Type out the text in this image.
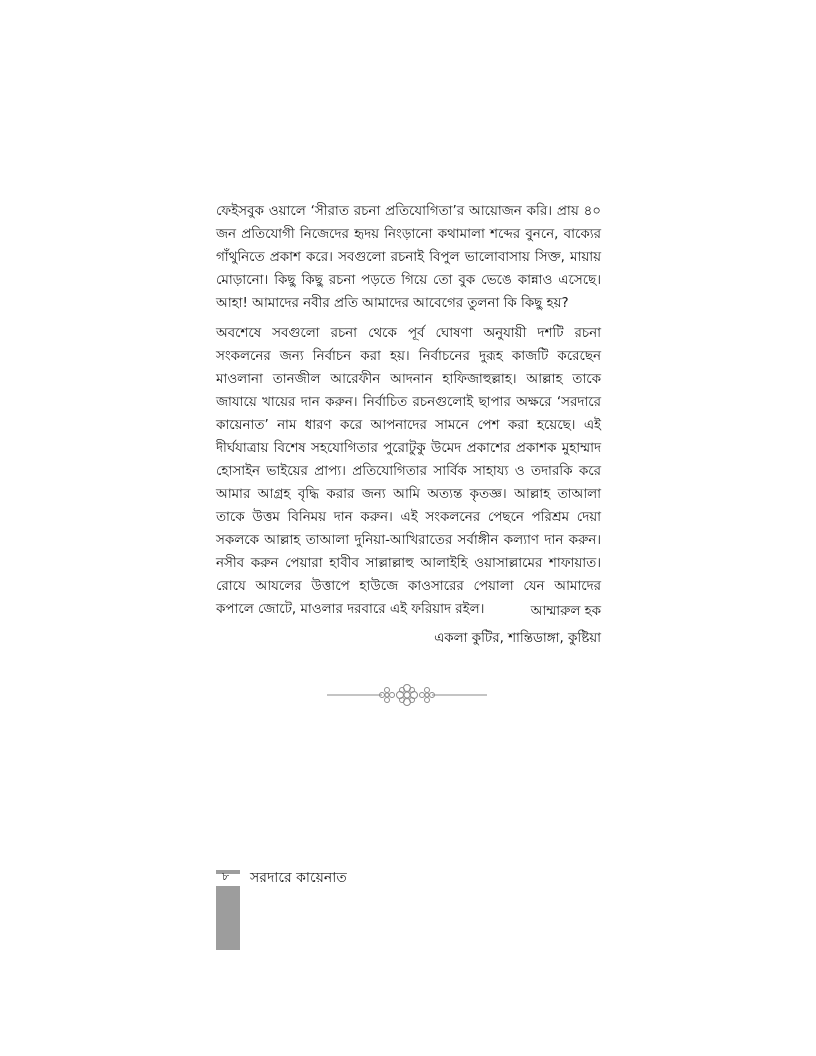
ফেইসবুক ওয়ালে ‘সীরাত রচনা প্রতিযোগিতা’র আয়োজন করি। প্রায় ৪০ জন প্রতিযোগী নিজেদের হৃদয় নিংড়ানো কথামালা শব্দের বুননে, বাক্যের গাঁথুনিতে প্রকাশ করে। সবগুলো রচনাই বিপুল ভালোবাসায় সিক্ত, মায়ায় মোড়ানো। কিছু কিছু রচনা পড়তে গিয়ে তো বুক ভেঙে কান্নাও এসেছে। আহা! আমাদের নবীর প্রতি আমাদের আবেগের তুলনা কি কিছু হয়?

অবশেষে সবগুলো রচনা থেকে পূর্ব ঘোষণা অনুযায়ী দশটি রচনা সংকলনের জন্য নির্বাচন করা হয়। নির্বাচনের দুরূহ কাজটি করেছেন মাওলানা তানজীল আরেফীন আদনান হাফিজাহুল্লাহ। আল্লাহ তাকে জাযায়ে খায়ের দান করুন। নির্বাচিত রচনগুলোই ছাপার অক্ষরে ‘সরদারে কায়েনাত’ নাম ধারণ করে আপনাদের সামনে পেশ করা হয়েছে। এই দীর্ঘযাত্রায় বিশেষ সহযোগিতার পুরোটুকু উমেদ প্রকাশের প্রকাশক মুহাম্মাদ হোসাইন ভাইয়ের প্রাপ্য। প্রতিযোগিতার সার্বিক সাহায্য ও তদারকি করে আমার আগ্রহ বৃদ্ধি করার জন্য আমি অত্যন্ত কৃতজ্ঞ। আল্লাহ তাআলা তাকে উত্তম বিনিময় দান করুন। এই সংকলনের পেছনে পরিশ্রম দেয়া সকলকে আল্লাহ তাআলা দুনিয়া-আখিরাতের সর্বাঙ্গীন কল্যাণ দান করুন। নসীব করুন পেয়ারা হাবীব সাল্লাল্লাহু আলাইহি ওয়াসাল্লামের শাফায়াত। রোযে আযলের উত্তাপে হাউজে কাওসারের পেয়ালা যেন আমাদের কপালে জোটে, মাওলার দরবারে এই ফরিয়াদ রইল।	আম্মারুল হক
একলা কুটির, শান্তিডাঙ্গা, কুষ্টিয়া
৮ সরদারে কায়েনাত
